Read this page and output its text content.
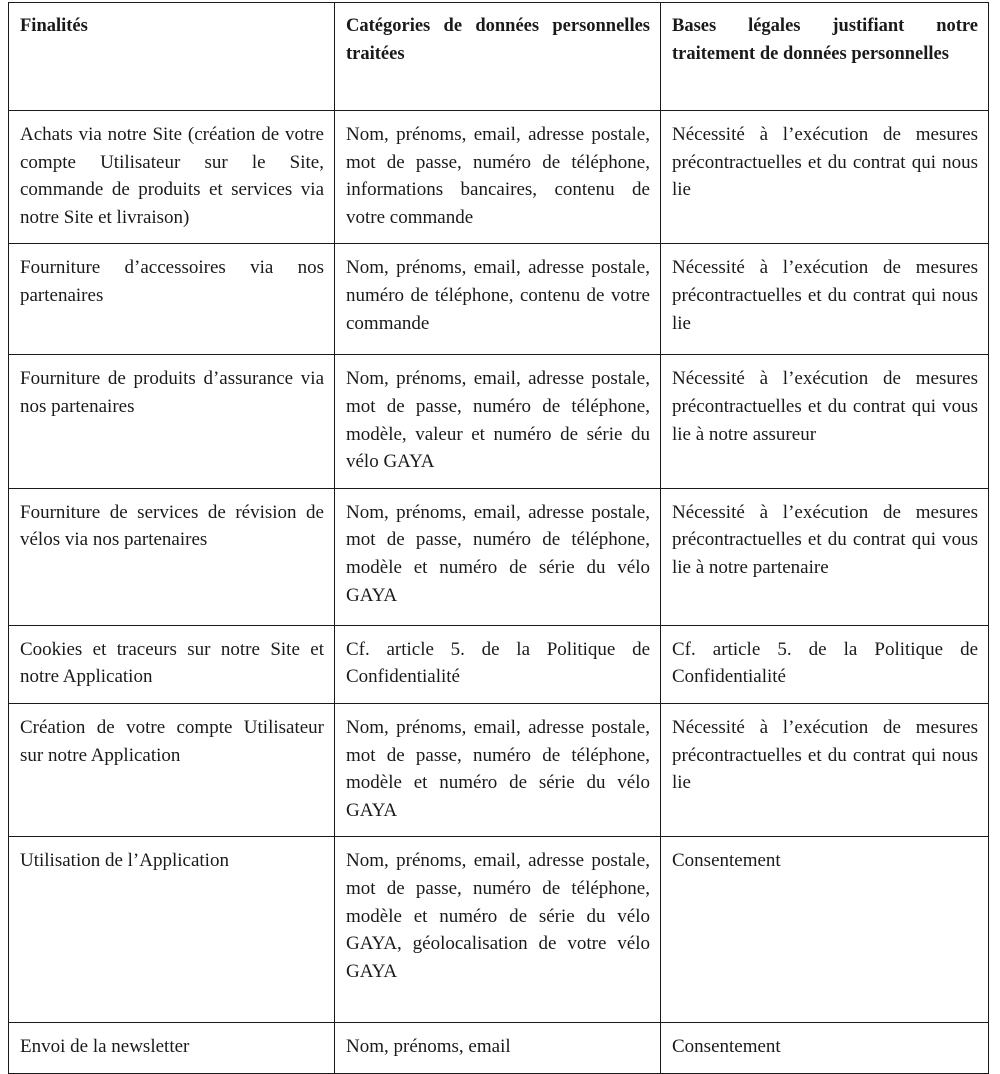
Finalités	Catégories de données personnelles traitées	Bases légales justifiant notre traitement de données personnelles

Achats via notre Site (création de votre compte Utilisateur sur le Site, commande de produits et services via notre Site et livraison)	Nom, prénoms, email, adresse postale, mot de passe, numéro de téléphone, informations bancaires, contenu de votre commande	Nécessité à l’exécution de mesures précontractuelles et du contrat qui nous lie

Fourniture d’accessoires via nos partenaires	Nom, prénoms, email, adresse postale, numéro de téléphone, contenu de votre commande	Nécessité à l’exécution de mesures précontractuelles et du contrat qui nous lie

Fourniture de produits d’assurance via nos partenaires	Nom, prénoms, email, adresse postale, mot de passe, numéro de téléphone, modèle, valeur et numéro de série du vélo GAYA	Nécessité à l’exécution de mesures précontractuelles et du contrat qui vous lie à notre assureur

Fourniture de services de révision de vélos via nos partenaires	Nom, prénoms, email, adresse postale, mot de passe, numéro de téléphone, modèle et numéro de série du vélo GAYA	Nécessité à l’exécution de mesures précontractuelles et du contrat qui vous lie à notre partenaire

Cookies et traceurs sur notre Site et notre Application	Cf. article 5. de la Politique de Confidentialité	Cf. article 5. de la Politique de Confidentialité

Création de votre compte Utilisateur sur notre Application	Nom, prénoms, email, adresse postale, mot de passe, numéro de téléphone, modèle et numéro de série du vélo GAYA	Nécessité à l’exécution de mesures précontractuelles et du contrat qui nous lie

Utilisation de l’Application	Nom, prénoms, email, adresse postale, mot de passe, numéro de téléphone, modèle et numéro de série du vélo GAYA, géolocalisation de votre vélo GAYA	Consentement

Envoi de la newsletter	Nom, prénoms, email	Consentement
